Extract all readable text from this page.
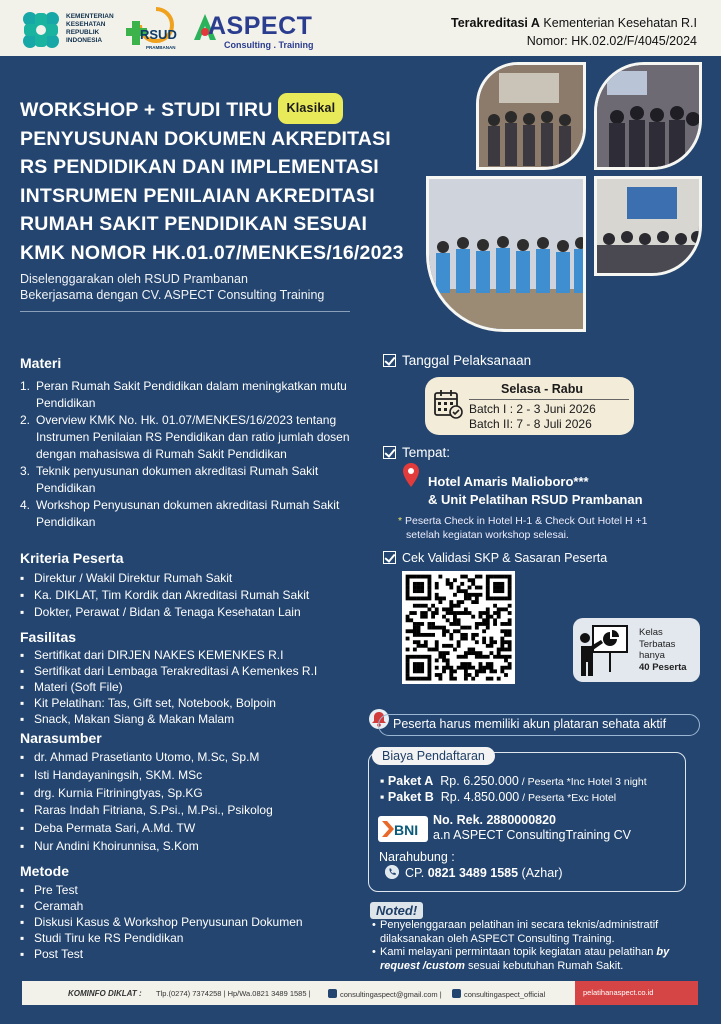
KEMENTERIAN
KESEHATAN
REPUBLIK
INDONESIA	RSUD
PRAMBANAN
ASPECT
Consulting . Training
Terakreditasi A Kementerian Kesehatan R.I
Nomor: HK.02.02/F/4045/2024
WORKSHOP + STUDI TIRU Klasikal
PENYUSUNAN DOKUMEN AKREDITASI
RS PENDIDIKAN DAN IMPLEMENTASI
INTSRUMEN PENILAIAN AKREDITASI
RUMAH SAKIT PENDIDIKAN SESUAI
KMK NOMOR HK.01.07/MENKES/16/2023
Diselenggarakan oleh RSUD Prambanan
Bekerjasama dengan CV. ASPECT Consulting Training
Materi
1. Peran Rumah Sakit Pendidikan dalam meningkatkan mutu Pendidikan
2. Overview KMK No. Hk. 01.07/MENKES/16/2023 tentang Instrumen Penilaian RS Pendidikan dan ratio jumlah dosen dengan mahasiswa di Rumah Sakit Pendidikan
3. Teknik penyusunan dokumen akreditasi Rumah Sakit Pendidikan
4. Workshop Penyusunan dokumen akreditasi Rumah Sakit Pendidikan
Kriteria Peserta
▪ Direktur / Wakil Direktur Rumah Sakit
▪ Ka. DIKLAT, Tim Kordik dan Akreditasi Rumah Sakit
▪ Dokter, Perawat / Bidan & Tenaga Kesehatan Lain
Fasilitas
▪ Sertifikat dari DIRJEN NAKES KEMENKES R.I
▪ Sertifikat dari Lembaga Terakreditasi A Kemenkes R.I
▪ Materi (Soft File)
▪ Kit Pelatihan: Tas, Gift set, Notebook, Bolpoin
▪ Snack, Makan Siang & Makan Malam
Narasumber
▪ dr. Ahmad Prasetianto Utomo, M.Sc, Sp.M
▪ Isti Handayaningsih, SKM. MSc
▪ drg. Kurnia Fitriningtyas, Sp.KG
▪ Raras Indah Fitriana, S.Psi., M.Psi., Psikolog
▪ Deba Permata Sari, A.Md. TW
▪ Nur Andini Khoirunnisa, S.Kom
Metode
▪ Pre Test
▪ Ceramah
▪ Diskusi Kasus & Workshop Penyusunan Dokumen
▪ Studi Tiru ke RS Pendidikan
▪ Post Test
Tanggal Pelaksanaan
Selasa - Rabu
Batch I : 2 - 3 Juni 2026
Batch II: 7 - 8 Juli 2026
Tempat:
Hotel Amaris Malioboro***
& Unit Pelatihan RSUD Prambanan
* Peserta Check in Hotel H-1 & Check Out Hotel H +1
setelah kegiatan workshop selesai.
Cek Validasi SKP & Sasaran Peserta
Kelas
Terbatas
hanya
40 Peserta
Peserta harus memiliki akun plataran sehata aktif
Biaya Pendaftaran
▪ Paket A Rp. 6.250.000 / Peserta *Inc Hotel 3 night
▪ Paket B Rp. 4.850.000 / Peserta *Exc Hotel
BNI
No. Rek. 2880000820
a.n ASPECT ConsultingTraining CV
Narahubung :
CP. 0821 3489 1585 (Azhar)
Noted!
• Penyelenggaraan pelatihan ini secara teknis/administratif dilaksanakan oleh ASPECT Consulting Training.
• Kami melayani permintaan topik kegiatan atau pelatihan by request /custom sesuai kebutuhan Rumah Sakit.
KOMINFO DIKLAT : Tlp.(0274) 7374258 | Hp/Wa.0821 3489 1585 |	consultingaspect@gmail.com |	consultingaspect_official	pelatihanaspect.co.id
